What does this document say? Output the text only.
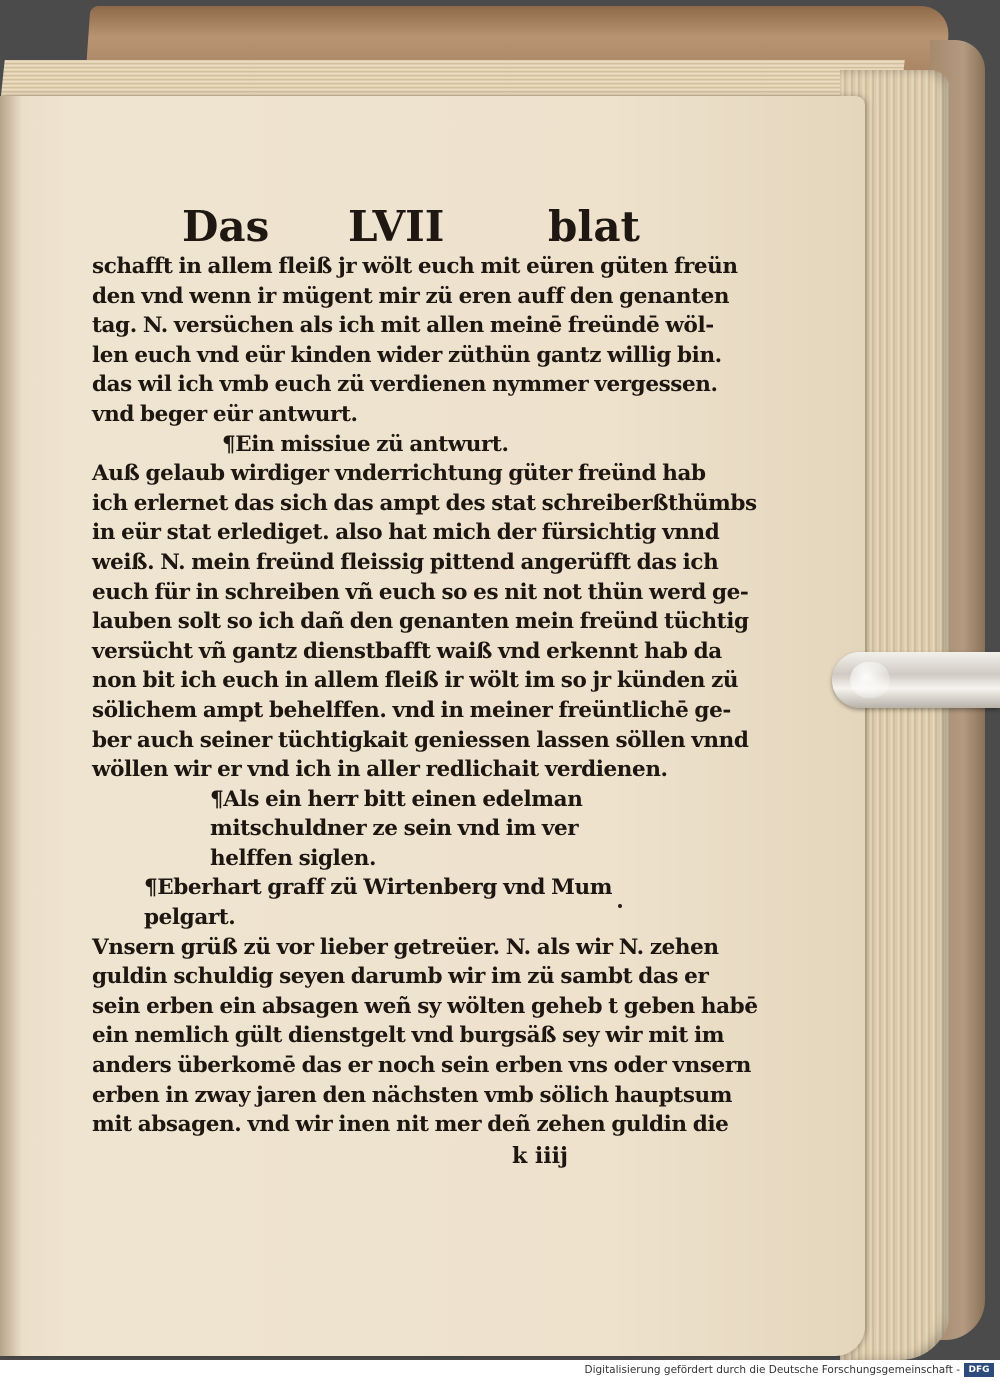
Das LVII blat
schafft in allem fleiß jr wölt euch mit eüren güten freün
den vnd wenn ir mügent mir zü eren auff den genanten
tag. N. versüchen als ich mit allen meinē freündē wöl-
len euch vnd eür kinden wider züthün gantz willig bin.
das wil ich vmb euch zü verdienen nymmer vergessen.
vnd beger eür antwurt.
¶Ein missiue zü antwurt.
Auß gelaub wirdiger vnderrichtung güter freünd hab
ich erlernet das sich das ampt des stat schreiberßthümbs
in eür stat erlediget. also hat mich der fürsichtig vnnd
weiß. N. mein freünd fleissig pittend angerüfft das ich
euch für in schreiben vñ euch so es nit not thün werd ge-
lauben solt so ich dañ den genanten mein freünd tüchtig
versücht vñ gantz dienstbafft waiß vnd erkennt hab da
non bit ich euch in allem fleiß ir wölt im so jr künden zü
sölichem ampt behelffen. vnd in meiner freüntlichē ge-
ber auch seiner tüchtigkait geniessen lassen söllen vnnd
wöllen wir er vnd ich in aller redlichait verdienen.
¶Als ein herr bitt einen edelman
mitschuldner ze sein vnd im ver
helffen siglen.
¶Eberhart graff zü Wirtenberg vnd Mum
pelgart.
Vnsern grüß zü vor lieber getreüer. N. als wir N. zehen
guldin schuldig seyen darumb wir im zü sambt das er
sein erben ein absagen weñ sy wölten geheb t geben habē
ein nemlich gült dienstgelt vnd burgsäß sey wir mit im
anders überkomē das er noch sein erben vns oder vnsern
erben in zway jaren den nächsten vmb sölich hauptsum
mit absagen. vnd wir inen nit mer deñ zehen guldin die
k iiij
Digitalisierung gefördert durch die Deutsche Forschungsgemeinschaft - DFG
